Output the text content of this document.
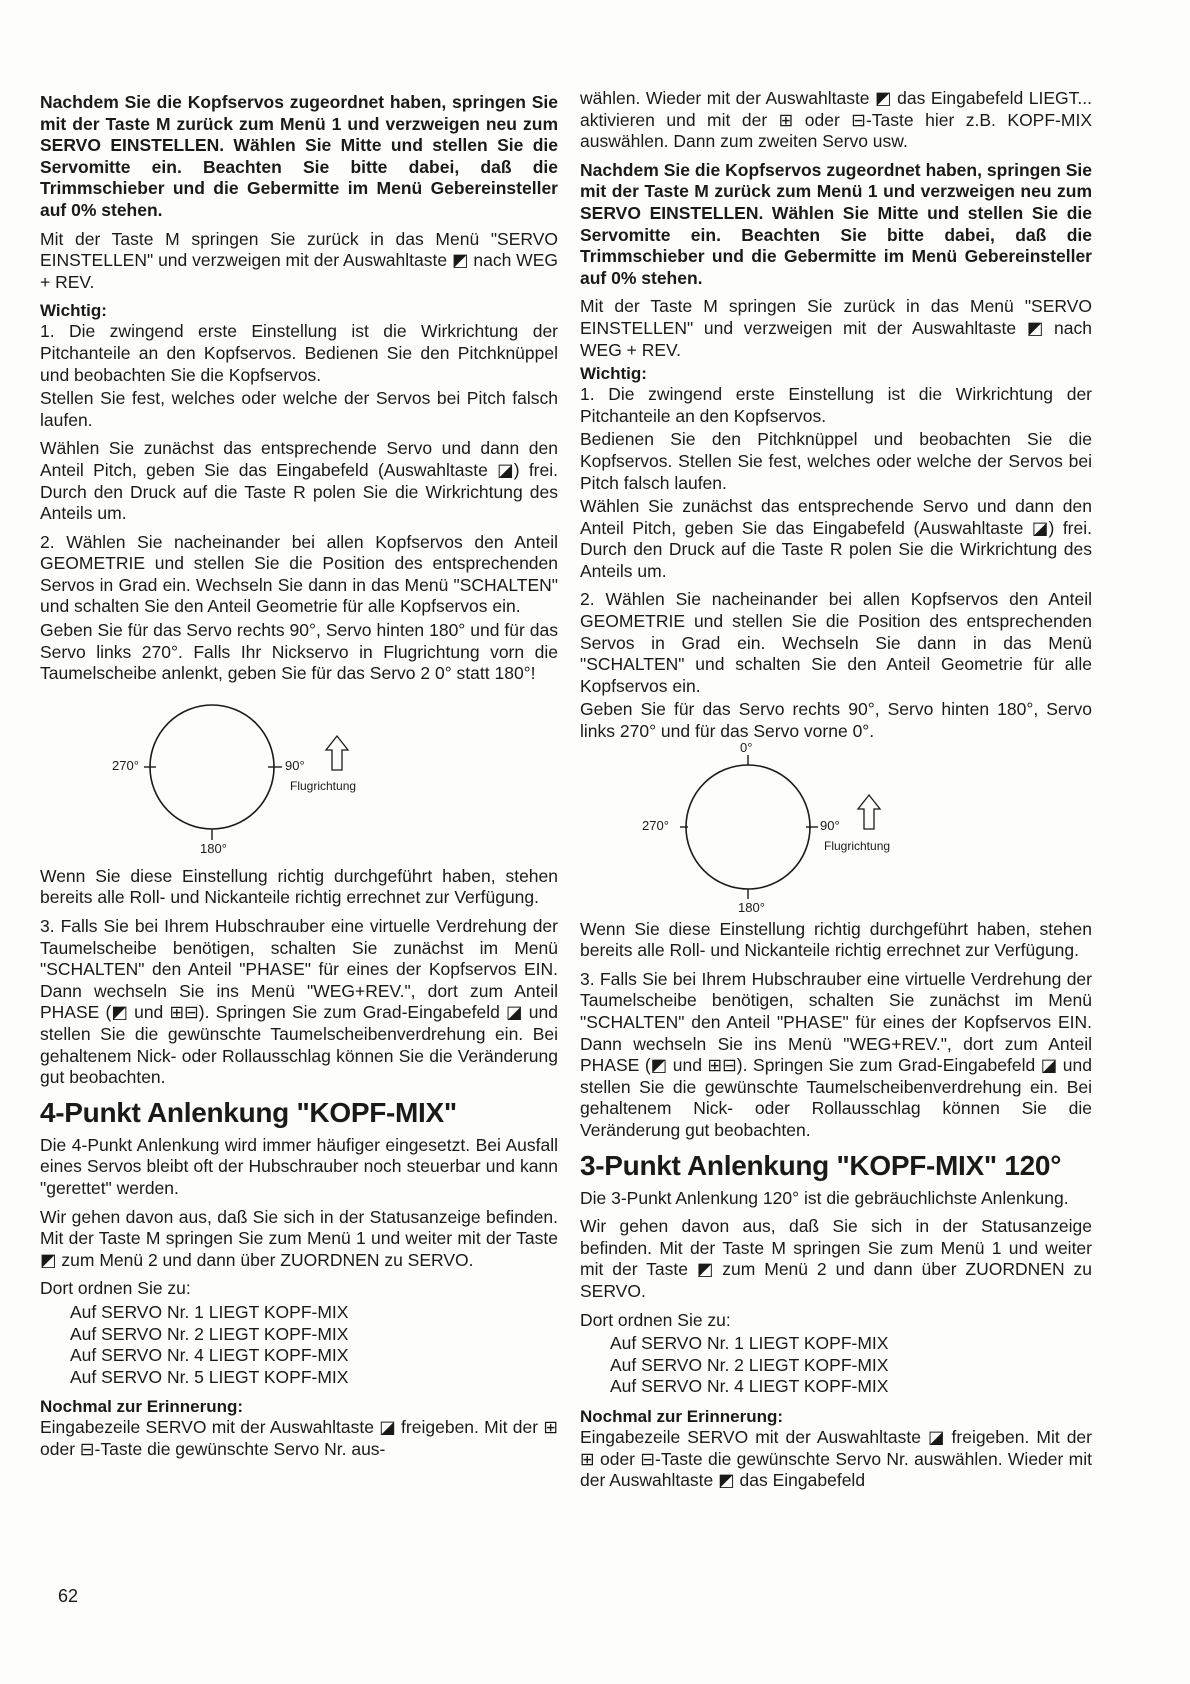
Nachdem Sie die Kopfservos zugeordnet haben, springen Sie mit der Taste M zurück zum Menü 1 und verzweigen neu zum SERVO EINSTELLEN. Wählen Sie Mitte und stellen Sie die Servomitte ein. Beachten Sie bitte dabei, daß die Trimmschieber und die Gebermitte im Menü Gebereinsteller auf 0% stehen.

Mit der Taste M springen Sie zurück in das Menü "SERVO EINSTELLEN" und verzweigen mit der Auswahltaste ◩ nach WEG + REV.

Wichtig:

1. Die zwingend erste Einstellung ist die Wirkrichtung der Pitchanteile an den Kopfservos. Bedienen Sie den Pitchknüppel und beobachten Sie die Kopfservos.

Stellen Sie fest, welches oder welche der Servos bei Pitch falsch laufen.

Wählen Sie zunächst das entsprechende Servo und dann den Anteil Pitch, geben Sie das Eingabefeld (Auswahltaste ◪) frei. Durch den Druck auf die Taste R polen Sie die Wirkrichtung des Anteils um.

2. Wählen Sie nacheinander bei allen Kopfservos den Anteil GEOMETRIE und stellen Sie die Position des entsprechenden Servos in Grad ein. Wechseln Sie dann in das Menü "SCHALTEN" und schalten Sie den Anteil Geometrie für alle Kopfservos ein.

Geben Sie für das Servo rechts 90°, Servo hinten 180° und für das Servo links 270°. Falls Ihr Nickservo in Flugrichtung vorn die Taumelscheibe anlenkt, geben Sie für das Servo 2 0° statt 180°!

270°	90°
Flugrichtung
180°

Wenn Sie diese Einstellung richtig durchgeführt haben, stehen bereits alle Roll- und Nickanteile richtig errechnet zur Verfügung.

3. Falls Sie bei Ihrem Hubschrauber eine virtuelle Verdrehung der Taumelscheibe benötigen, schalten Sie zunächst im Menü "SCHALTEN" den Anteil "PHASE" für eines der Kopfservos EIN. Dann wechseln Sie ins Menü "WEG+REV.", dort zum Anteil PHASE (◩ und ⊞⊟). Springen Sie zum Grad-Eingabefeld ◪ und stellen Sie die gewünschte Taumelscheibenverdrehung ein. Bei gehaltenem Nick- oder Rollausschlag können Sie die Veränderung gut beobachten.

4-Punkt Anlenkung "KOPF-MIX"

Die 4-Punkt Anlenkung wird immer häufiger eingesetzt. Bei Ausfall eines Servos bleibt oft der Hubschrauber noch steuerbar und kann "gerettet" werden.

Wir gehen davon aus, daß Sie sich in der Statusanzeige befinden. Mit der Taste M springen Sie zum Menü 1 und weiter mit der Taste ◩ zum Menü 2 und dann über ZUORDNEN zu SERVO.

Dort ordnen Sie zu:

Auf SERVO Nr. 1 LIEGT KOPF-MIX
Auf SERVO Nr. 2 LIEGT KOPF-MIX
Auf SERVO Nr. 4 LIEGT KOPF-MIX
Auf SERVO Nr. 5 LIEGT KOPF-MIX

Nochmal zur Erinnerung:

Eingabezeile SERVO mit der Auswahltaste ◪ freigeben. Mit der ⊞ oder ⊟-Taste die gewünschte Servo Nr. aus-

wählen. Wieder mit der Auswahltaste ◩ das Eingabefeld LIEGT... aktivieren und mit der ⊞ oder ⊟-Taste hier z.B. KOPF-MIX auswählen. Dann zum zweiten Servo usw.

Nachdem Sie die Kopfservos zugeordnet haben, springen Sie mit der Taste M zurück zum Menü 1 und verzweigen neu zum SERVO EINSTELLEN. Wählen Sie Mitte und stellen Sie die Servomitte ein. Beachten Sie bitte dabei, daß die Trimmschieber und die Gebermitte im Menü Gebereinsteller auf 0% stehen.

Mit der Taste M springen Sie zurück in das Menü "SERVO EINSTELLEN" und verzweigen mit der Auswahltaste ◩ nach WEG + REV.

Wichtig:

1. Die zwingend erste Einstellung ist die Wirkrichtung der Pitchanteile an den Kopfservos.

Bedienen Sie den Pitchknüppel und beobachten Sie die Kopfservos. Stellen Sie fest, welches oder welche der Servos bei Pitch falsch laufen.

Wählen Sie zunächst das entsprechende Servo und dann den Anteil Pitch, geben Sie das Eingabefeld (Auswahltaste ◪) frei. Durch den Druck auf die Taste R polen Sie die Wirkrichtung des Anteils um.

2. Wählen Sie nacheinander bei allen Kopfservos den Anteil GEOMETRIE und stellen Sie die Position des entsprechenden Servos in Grad ein. Wechseln Sie dann in das Menü "SCHALTEN" und schalten Sie den Anteil Geometrie für alle Kopfservos ein.

Geben Sie für das Servo rechts 90°, Servo hinten 180°, Servo links 270° und für das Servo vorne 0°.

0°
270°	90°
Flugrichtung
180°

Wenn Sie diese Einstellung richtig durchgeführt haben, stehen bereits alle Roll- und Nickanteile richtig errechnet zur Verfügung.

3. Falls Sie bei Ihrem Hubschrauber eine virtuelle Verdrehung der Taumelscheibe benötigen, schalten Sie zunächst im Menü "SCHALTEN" den Anteil "PHASE" für eines der Kopfservos EIN. Dann wechseln Sie ins Menü "WEG+REV.", dort zum Anteil PHASE (◩ und ⊞⊟). Springen Sie zum Grad-Eingabefeld ◪ und stellen Sie die gewünschte Taumelscheibenverdrehung ein. Bei gehaltenem Nick- oder Rollausschlag können Sie die Veränderung gut beobachten.

3-Punkt Anlenkung "KOPF-MIX" 120°

Die 3-Punkt Anlenkung 120° ist die gebräuchlichste Anlenkung.

Wir gehen davon aus, daß Sie sich in der Statusanzeige befinden. Mit der Taste M springen Sie zum Menü 1 und weiter mit der Taste ◩ zum Menü 2 und dann über ZUORDNEN zu SERVO.

Dort ordnen Sie zu:

Auf SERVO Nr. 1 LIEGT KOPF-MIX
Auf SERVO Nr. 2 LIEGT KOPF-MIX
Auf SERVO Nr. 4 LIEGT KOPF-MIX

Nochmal zur Erinnerung:

Eingabezeile SERVO mit der Auswahltaste ◪ freigeben. Mit der ⊞ oder ⊟-Taste die gewünschte Servo Nr. auswählen. Wieder mit der Auswahltaste ◩ das Eingabefeld

62
